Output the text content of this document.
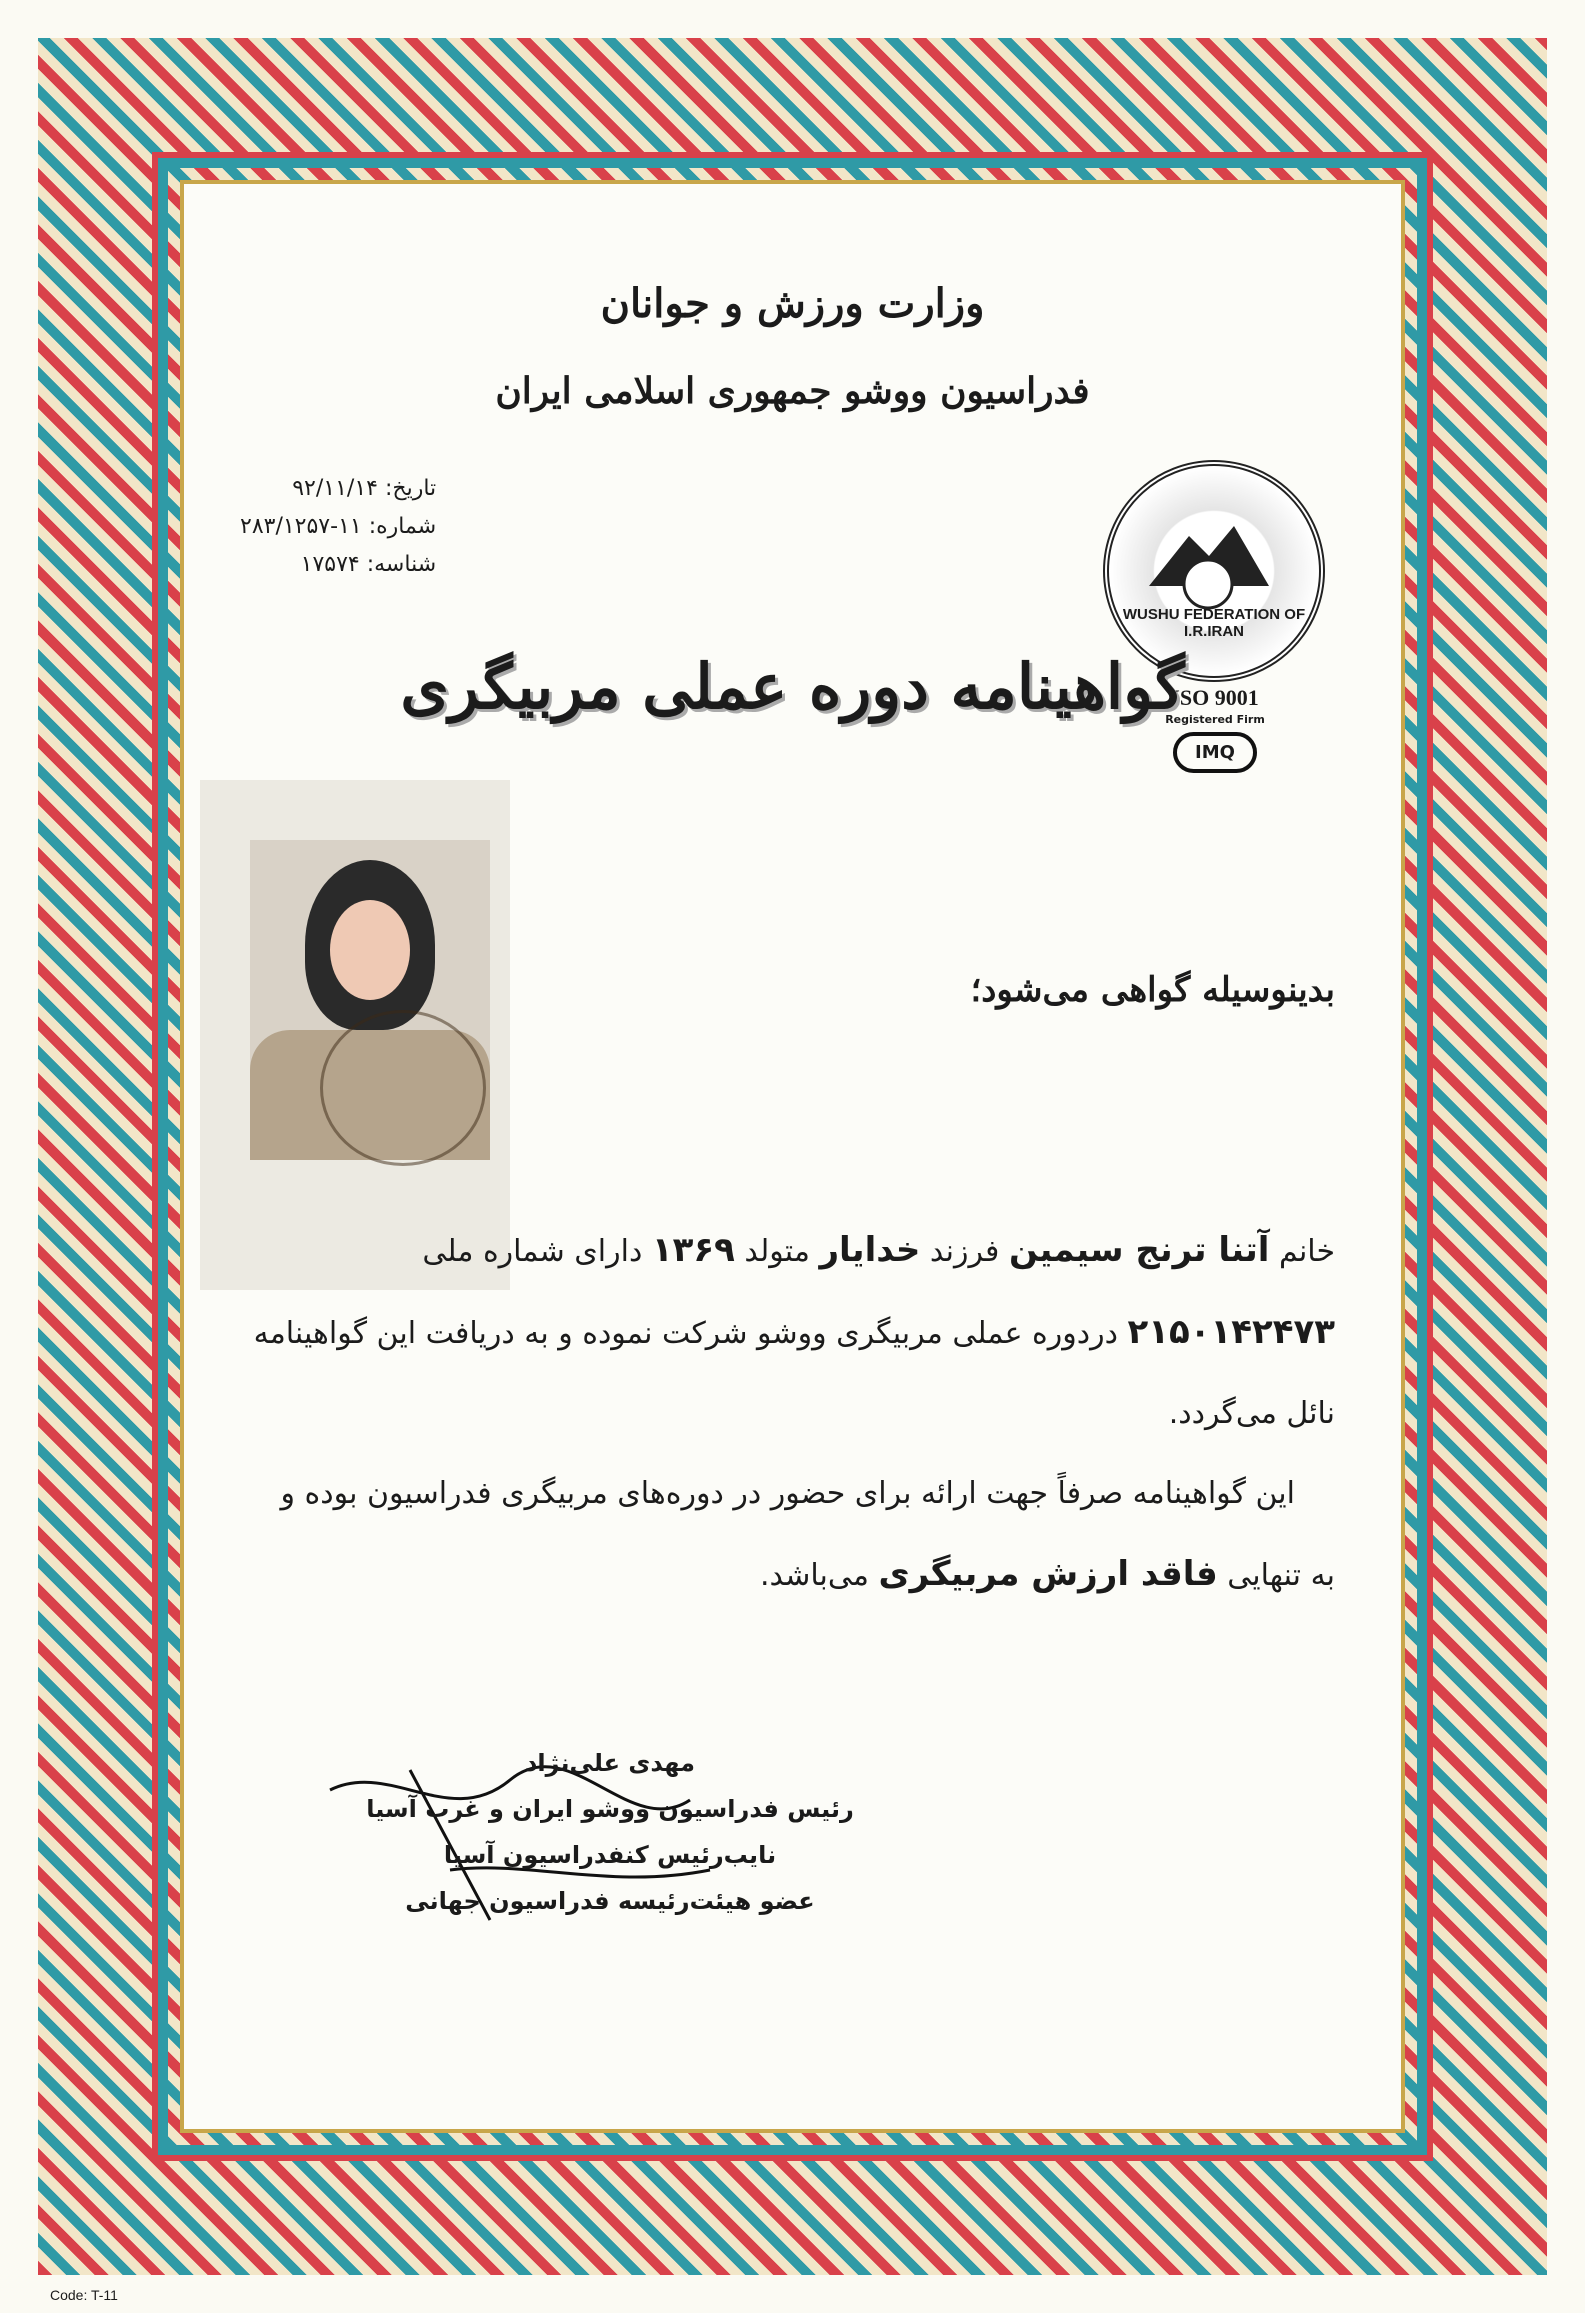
وزارت ورزش و جوانان
فدراسیون ووشو جمهوری اسلامی ایران
تاریخ: ۹۲/۱۱/۱۴
شماره: ۱۱-۲۸۳/۱۲۵۷
شناسه: ۱۷۵۷۴
WUSHU FEDERATION OF I.R.IRAN
ISO 9001
Registered Firm
IMQ
گواهینامه دوره عملی مربیگری
بدینوسیله گواهی می‌شود؛

خانم آتنا ترنج سیمین فرزند خدایار متولد ۱۳۶۹ دارای شماره ملی ۲۱۵۰۱۴۲۴۷۳ دردوره عملی مربیگری ووشو شرکت نموده و به دریافت این گواهینامه نائل می‌گردد.

این گواهینامه صرفاً جهت ارائه برای حضور در دوره‌های مربیگری فدراسیون بوده و به تنهایی فاقد ارزش مربیگری می‌باشد.

مهدی علی‌نژاد
رئیس فدراسیون ووشو ایران و غرب آسیا
نایب‌رئیس کنفدراسیون آسیا
عضو هیئت‌رئیسه فدراسیون جهانی
Code: T-11
